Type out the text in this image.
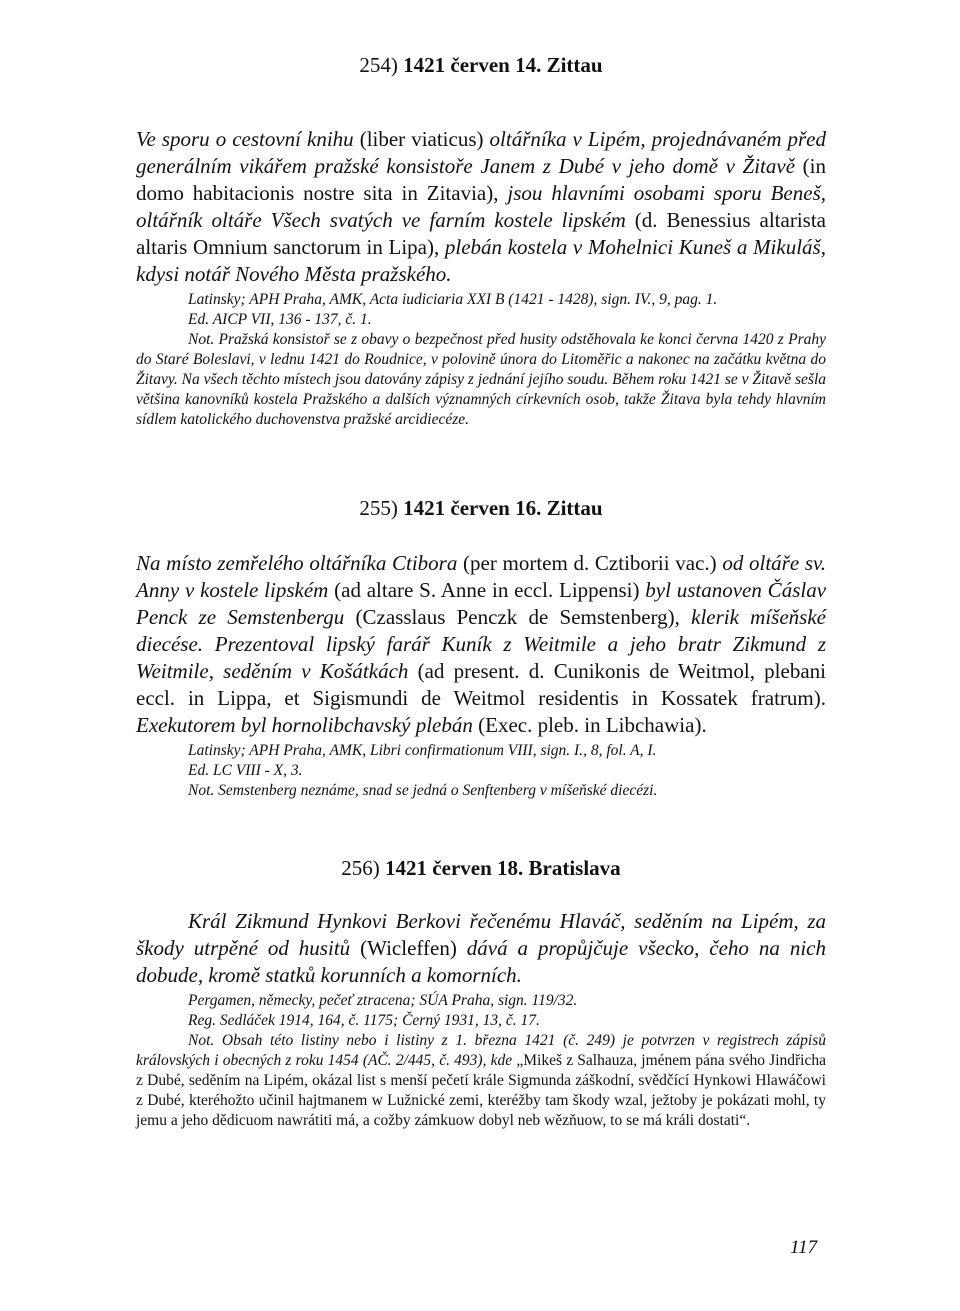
254) 1421 červen 14. Zittau

Ve sporu o cestovní knihu (liber viaticus) oltářníka v Lipém, projednávaném před generálním vikářem pražské konsistoře Janem z Dubé v jeho domě v Žitavě (in domo habitacionis nostre sita in Zitavia), jsou hlavními osobami sporu Beneš, oltářník oltáře Všech svatých ve farním kostele lipském (d. Benessius altarista altaris Omnium sanctorum in Lipa), plebán kostela v Mohelnici Kuneš a Mikuláš, kdysi notář Nového Města pražského.

Latinsky; APH Praha, AMK, Acta iudiciaria XXI B (1421 - 1428), sign. IV., 9, pag. 1.

Ed. AICP VII, 136 - 137, č. 1.

Not. Pražská konsistoř se z obavy o bezpečnost před husity odstěhovala ke konci června 1420 z Prahy do Staré Boleslavi, v lednu 1421 do Roudnice, v polovině února do Litoměřic a nakonec na začátku května do Žitavy. Na všech těchto místech jsou datovány zápisy z jednání jejího soudu. Během roku 1421 se v Žitavě sešla většina kanovníků kostela Pražského a dalších významných církevních osob, takže Žitava byla tehdy hlavním sídlem katolického duchovenstva pražské arcidiecéze.

255) 1421 červen 16. Zittau

Na místo zemřelého oltářníka Ctibora (per mortem d. Cztiborii vac.) od oltáře sv. Anny v kostele lipském (ad altare S. Anne in eccl. Lippensi) byl ustanoven Čáslav Penck ze Semstenbergu (Czasslaus Penczk de Semstenberg), klerik míšeňské diecése. Prezentoval lipský farář Kuník z Weitmile a jeho bratr Zikmund z Weitmile, seděním v Košátkách (ad present. d. Cunikonis de Weitmol, plebani eccl. in Lippa, et Sigismundi de Weitmol residentis in Kossatek fratrum). Exekutorem byl hornolibchavský plebán (Exec. pleb. in Libchawia).

Latinsky; APH Praha, AMK, Libri confirmationum VIII, sign. I., 8, fol. A, I.

Ed. LC VIII - X, 3.

Not. Semstenberg neznáme, snad se jedná o Senftenberg v míšeňské diecézi.

256) 1421 červen 18. Bratislava

Král Zikmund Hynkovi Berkovi řečenému Hlaváč, seděním na Lipém, za škody utrpěné od husitů (Wicleffen) dává a propůjčuje všecko, čeho na nich dobude, kromě statků korunních a komorních.

Pergamen, německy, pečeť ztracena; SÚA Praha, sign. 119/32.

Reg. Sedláček 1914, 164, č. 1175; Černý 1931, 13, č. 17.

Not. Obsah této listiny nebo i listiny z 1. března 1421 (č. 249) je potvrzen v registrech zápisů královských i obecných z roku 1454 (AČ. 2/445, č. 493), kde „Mikeš z Salhauza, jménem pána svého Jindřicha z Dubé, seděním na Lipém, okázal list s menší pečetí krále Sigmunda záškodní, svědčící Hynkowi Hlawáčowi z Dubé, kteréhožto učinil hajtmanem w Lužnické zemi, kteréžby tam škody wzal, ježtoby je pokázati mohl, ty jemu a jeho dědicuom nawrátiti má, a cožby zámkuow dobyl neb wězňuow, to se má králi dostati“.

117
